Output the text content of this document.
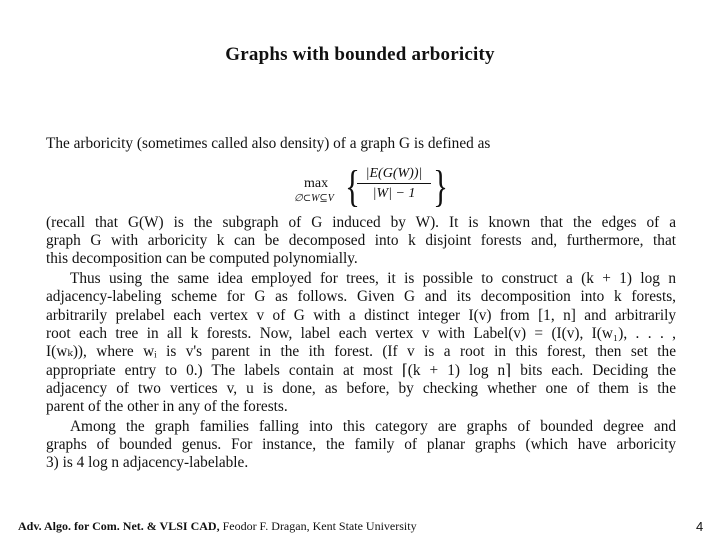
Graphs with bounded arboricity
The arboricity (sometimes called also density) of a graph G is defined as
max
∅⊂W⊆V {
$\frac{|E(G(W))|}{|W| - 1}$ }
(recall that G(W) is the subgraph of G induced by W). It is known that the edges of a
graph G with arboricity k can be decomposed into k disjoint forests and, furthermore, that
this decomposition can be computed polynomially.
Thus using the same idea employed for trees, it is possible to construct a (k + 1) log n
adjacency-labeling scheme for G as follows. Given G and its decomposition into k forests,
arbitrarily prelabel each vertex v of G with a distinct integer I(v) from [1, n] and arbitrarily
root each tree in all k forests. Now, label each vertex v with Label(v) = (I(v), I(w₁), . . . ,
I(wₖ)), where wᵢ is v's parent in the ith forest. (If v is a root in this forest, then set the
appropriate entry to 0.) The labels contain at most ⌈(k + 1) log n⌉ bits each. Deciding the
adjacency of two vertices v, u is done, as before, by checking whether one of them is the
parent of the other in any of the forests.
Among the graph families falling into this category are graphs of bounded degree and
graphs of bounded genus. For instance, the family of planar graphs (which have arboricity
3) is 4 log n adjacency-labelable.
Adv. Algo. for Com. Net. & VLSI CAD, Feodor F. Dragan, Kent State University	4
